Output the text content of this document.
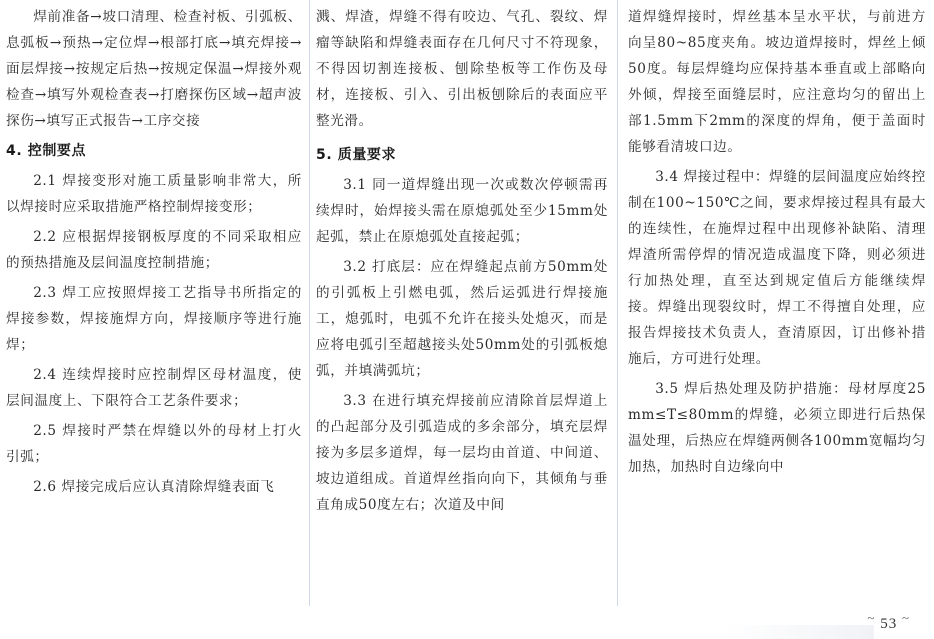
焊前准备→坡口清理、检查衬板、引弧板、息弧板→预热→定位焊→根部打底→填充焊接→面层焊接→按规定后热→按规定保温→焊接外观检查→填写外观检查表→打磨探伤区域→超声波探伤→填写正式报告→工序交接

4. 控制要点

2.1 焊接变形对施工质量影响非常大，所以焊接时应采取措施严格控制焊接变形；

2.2 应根据焊接钢板厚度的不同采取相应的预热措施及层间温度控制措施；

2.3 焊工应按照焊接工艺指导书所指定的焊接参数，焊接施焊方向，焊接顺序等进行施焊；

2.4 连续焊接时应控制焊区母材温度，使层间温度上、下限符合工艺条件要求；

2.5 焊接时严禁在焊缝以外的母材上打火引弧；

2.6 焊接完成后应认真清除焊缝表面飞

溅、焊渣，焊缝不得有咬边、气孔、裂纹、焊瘤等缺陷和焊缝表面存在几何尺寸不符现象，不得因切割连接板、刨除垫板等工作伤及母材，连接板、引入、引出板刨除后的表面应平整光滑。

5. 质量要求

3.1 同一道焊缝出现一次或数次停顿需再续焊时，始焊接头需在原熄弧处至少15mm处起弧，禁止在原熄弧处直接起弧；

3.2 打底层：应在焊缝起点前方50mm处的引弧板上引燃电弧，然后运弧进行焊接施工，熄弧时，电弧不允许在接头处熄灭，而是应将电弧引至超越接头处50mm处的引弧板熄弧，并填满弧坑；

3.3 在进行填充焊接前应清除首层焊道上的凸起部分及引弧造成的多余部分，填充层焊接为多层多道焊，每一层均由首道、中间道、坡边道组成。首道焊丝指向向下，其倾角与垂直角成50度左右；次道及中间

道焊缝焊接时，焊丝基本呈水平状，与前进方向呈80~85度夹角。坡边道焊接时，焊丝上倾50度。每层焊缝均应保持基本垂直或上部略向外倾，焊接至面缝层时，应注意均匀的留出上部1.5mm下2mm的深度的焊角，便于盖面时能够看清坡口边。

3.4 焊接过程中：焊缝的层间温度应始终控制在100~150℃之间，要求焊接过程具有最大的连续性，在施焊过程中出现修补缺陷、清理焊渣所需停焊的情况造成温度下降，则必须进行加热处理，直至达到规定值后方能继续焊接。焊缝出现裂纹时，焊工不得擅自处理，应报告焊接技术负责人，查清原因，订出修补措施后，方可进行处理。

3.5 焊后热处理及防护措施：母材厚度25mm≤T≤80mm的焊缝，必须立即进行后热保温处理，后热应在焊缝两侧各100mm宽幅均匀加热，加热时自边缘向中

~ 53 ~
